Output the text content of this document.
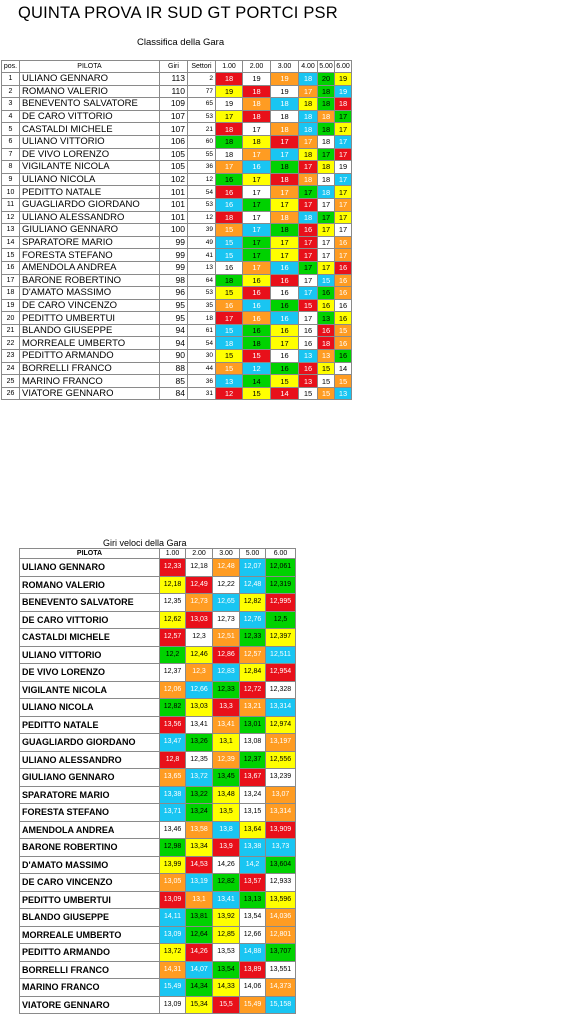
QUINTA PROVA IR SUD GT PORTCI PSR
Classifica della Gara
pos.	PILOTA	Giri	Settori	1.00	2.00	3.00	4.00	5.00	6.00
1	ULIANO GENNARO	113	2	18	19	19	18	20	19
2	ROMANO VALERIO	110	77	19	18	19	17	18	19
3	BENEVENTO SALVATORE	109	65	19	18	18	18	18	18
4	DE CARO VITTORIO	107	53	17	18	18	18	18	17
5	CASTALDI MICHELE	107	21	18	17	18	18	18	17
6	ULIANO VITTORIO	106	60	18	18	17	17	18	17
7	DE VIVO LORENZO	105	55	18	17	17	18	17	17
8	VIGILANTE NICOLA	105	36	17	16	18	17	18	19
9	ULIANO NICOLA	102	12	16	17	18	18	18	17
10	PEDITTO NATALE	101	54	16	17	17	17	18	17
11	GUAGLIARDO GIORDANO	101	53	16	17	17	17	17	17
12	ULIANO ALESSANDRO	101	12	18	17	18	18	17	17
13	GIULIANO GENNARO	100	39	15	17	18	16	17	17
14	SPARATORE MARIO	99	49	15	17	17	17	17	16
15	FORESTA STEFANO	99	41	15	17	17	17	17	17
16	AMENDOLA ANDREA	99	13	16	17	16	17	17	16
17	BARONE ROBERTINO	98	64	18	16	16	17	15	16
18	D'AMATO MASSIMO	96	53	15	16	16	17	16	16
19	DE CARO VINCENZO	95	35	16	16	16	15	16	16
20	PEDITTO UMBERTUI	95	18	17	16	16	17	13	16
21	BLANDO GIUSEPPE	94	61	15	16	16	16	16	15
22	MORREALE UMBERTO	94	54	18	18	17	16	18	16
23	PEDITTO ARMANDO	90	30	15	15	16	13	13	16
24	BORRELLI FRANCO	88	44	15	12	16	16	15	14
25	MARINO FRANCO	85	36	13	14	15	13	15	15
26	VIATORE GENNARO	84	31	12	15	14	15	15	13
Giri veloci della Gara
PILOTA	1.00	2.00	3.00	5.00	6.00
ULIANO GENNARO	12,33	12,18	12,48	12,07	12,061
ROMANO VALERIO	12,18	12,49	12,22	12,48	12,319
BENEVENTO SALVATORE	12,35	12,73	12,65	12,82	12,995
DE CARO VITTORIO	12,62	13,03	12,73	12,76	12,5
CASTALDI MICHELE	12,57	12,3	12,51	12,33	12,397
ULIANO VITTORIO	12,2	12,46	12,86	12,57	12,511
DE VIVO LORENZO	12,37	12,3	12,83	12,84	12,954
VIGILANTE NICOLA	12,06	12,66	12,33	12,72	12,328
ULIANO NICOLA	12,82	13,03	13,3	13,21	13,314
PEDITTO NATALE	13,56	13,41	13,41	13,01	12,974
GUAGLIARDO GIORDANO	13,47	13,26	13,1	13,08	13,197
ULIANO ALESSANDRO	12,8	12,35	12,39	12,37	12,556
GIULIANO GENNARO	13,65	13,72	13,45	13,67	13,239
SPARATORE MARIO	13,38	13,22	13,48	13,24	13,07
FORESTA STEFANO	13,71	13,24	13,5	13,15	13,314
AMENDOLA ANDREA	13,46	13,58	13,8	13,64	13,909
BARONE ROBERTINO	12,98	13,34	13,9	13,38	13,73
D'AMATO MASSIMO	13,99	14,53	14,26	14,2	13,604
DE CARO VINCENZO	13,05	13,19	12,82	13,57	12,933
PEDITTO UMBERTUI	13,09	13,1	13,41	13,13	13,596
BLANDO GIUSEPPE	14,11	13,81	13,92	13,54	14,036
MORREALE UMBERTO	13,09	12,64	12,85	12,66	12,801
PEDITTO ARMANDO	13,72	14,26	13,53	14,88	13,707
BORRELLI FRANCO	14,31	14,07	13,54	13,89	13,551
MARINO FRANCO	15,49	14,34	14,33	14,06	14,373
VIATORE GENNARO	13,09	15,34	15,5	15,49	15,158
